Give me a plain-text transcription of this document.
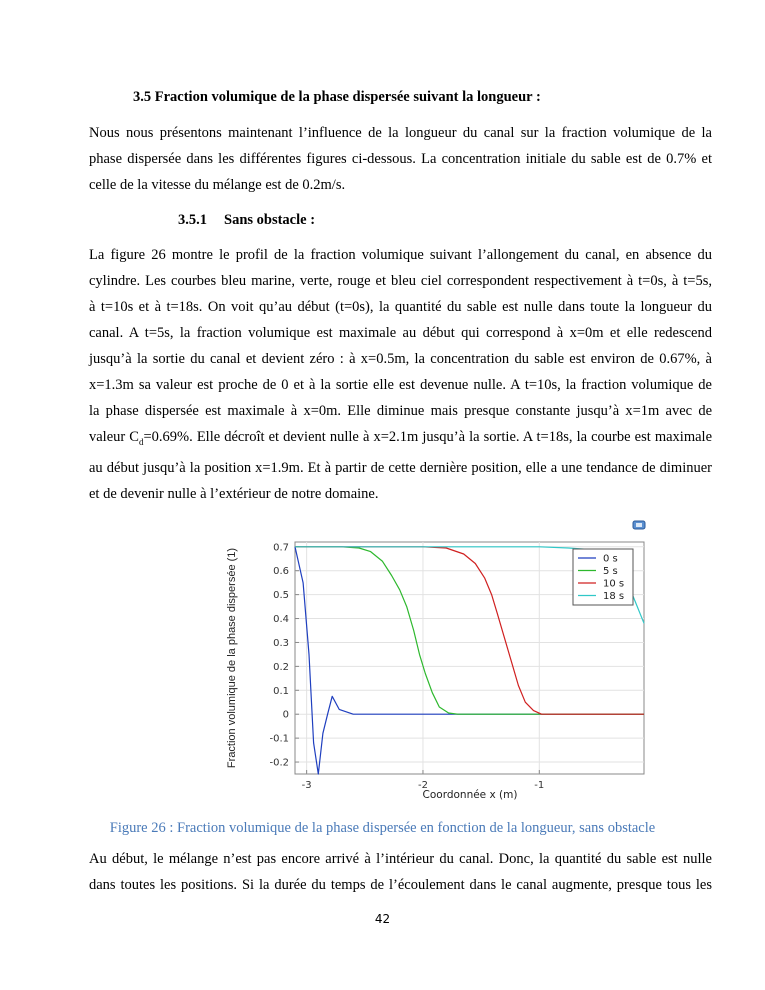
3.5 Fraction volumique de la phase dispersée suivant la longueur :
Nous nous présentons maintenant l’influence de la longueur du canal sur la fraction volumique de la
phase dispersée dans les différentes figures ci-dessous. La concentration initiale du sable est de 0.7% et
celle de la vitesse du mélange est de 0.2m/s.
3.5.1 Sans obstacle :
La figure 26 montre le profil de la fraction volumique suivant l’allongement du canal, en absence du
cylindre. Les courbes bleu marine, verte, rouge et bleu ciel correspondent respectivement à t=0s, à t=5s,
à t=10s et à t=18s. On voit qu’au début (t=0s), la quantité du sable est nulle dans toute la longueur du
canal. A t=5s, la fraction volumique est maximale au début qui correspond à x=0m et elle redescend
jusqu’à la sortie du canal et devient zéro : à x=0.5m, la concentration du sable est environ de 0.67%, à
x=1.3m sa valeur est proche de 0 et à la sortie elle est devenue nulle. A t=10s, la fraction volumique de
la phase dispersée est maximale à x=0m. Elle diminue mais presque constante jusqu’à x=1m avec de
valeur $C_d=0.69\%$. Elle décroît et devient nulle à x=2.1m jusqu’à la sortie. A t=18s, la courbe est maximale
au début jusqu’à la position x=1.9m. Et à partir de cette dernière position, elle a une tendance de diminuer
et de devenir nulle à l’extérieur de notre domaine.
0.7
0.6
0.5
0.4
0.3
0.2
0.1
0
-0.1
-0.2
-3	-2	-1
Coordonnée x (m)
Fraction volumique de la phase dispersée (1)	0 s
5 s
10 s
18 s
Figure 26 : Fraction volumique de la phase dispersée en fonction de la longueur, sans obstacle
Au début, le mélange n’est pas encore arrivé à l’intérieur du canal. Donc, la quantité du sable est nulle
dans toutes les positions. Si la durée du temps de l’écoulement dans le canal augmente, presque tous les
42
